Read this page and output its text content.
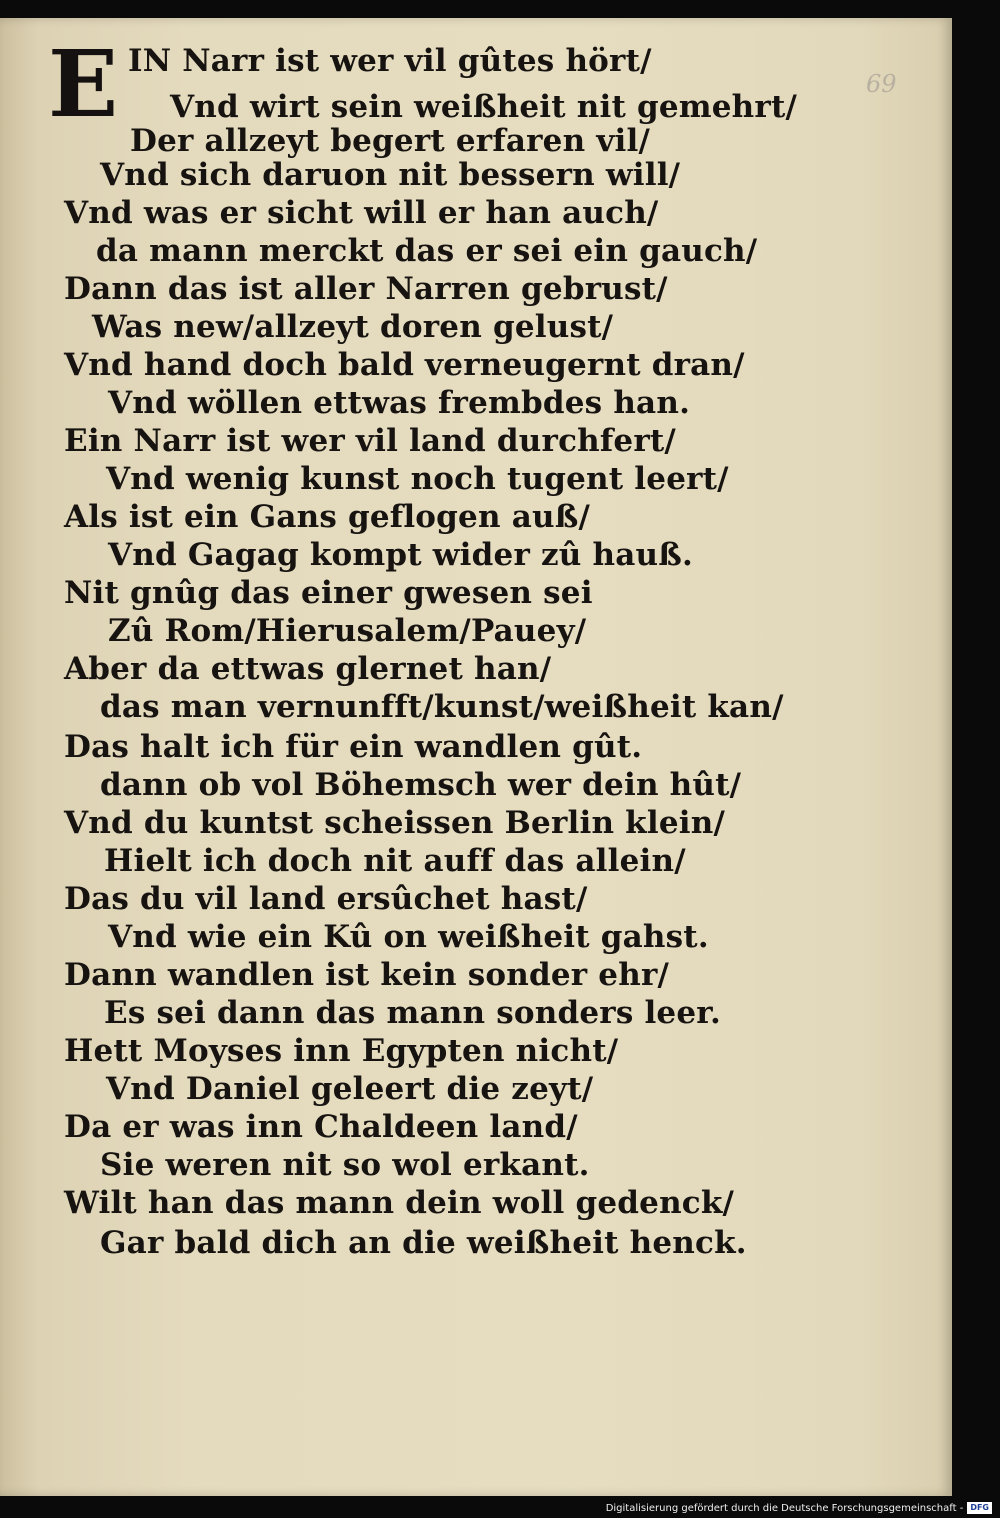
69
E IN Narr ist wer vil gûtes hört/
Vnd wirt sein weißheit nit gemehrt/
Der allzeyt begert erfaren vil/
Vnd sich daruon nit bessern will/
Vnd was er sicht will er han auch/
da mann merckt das er sei ein gauch/
Dann das ist aller Narren gebrust/
Was new/allzeyt doren gelust/
Vnd hand doch bald verneugernt dran/
Vnd wöllen ettwas frembdes han.
Ein Narr ist wer vil land durchfert/
Vnd wenig kunst noch tugent leert/
Als ist ein Gans geflogen auß/
Vnd Gagag kompt wider zû hauß.
Nit gnûg das einer gwesen sei
Zû Rom/Hierusalem/Pauey/
Aber da ettwas glernet han/
das man vernunfft/kunst/weißheit kan/
Das halt ich für ein wandlen gût.
dann ob vol Böhemsch wer dein hût/
Vnd du kuntst scheissen Berlin klein/
Hielt ich doch nit auff das allein/
Das du vil land ersûchet hast/
Vnd wie ein Kû on weißheit gahst.
Dann wandlen ist kein sonder ehr/
Es sei dann das mann sonders leer.
Hett Moyses inn Egypten nicht/
Vnd Daniel geleert die zeyt/
Da er was inn Chaldeen land/
Sie weren nit so wol erkant.
Wilt han das mann dein woll gedenck/
Gar bald dich an die weißheit henck.
Digitalisierung gefördert durch die Deutsche Forschungsgemeinschaft - DFG
